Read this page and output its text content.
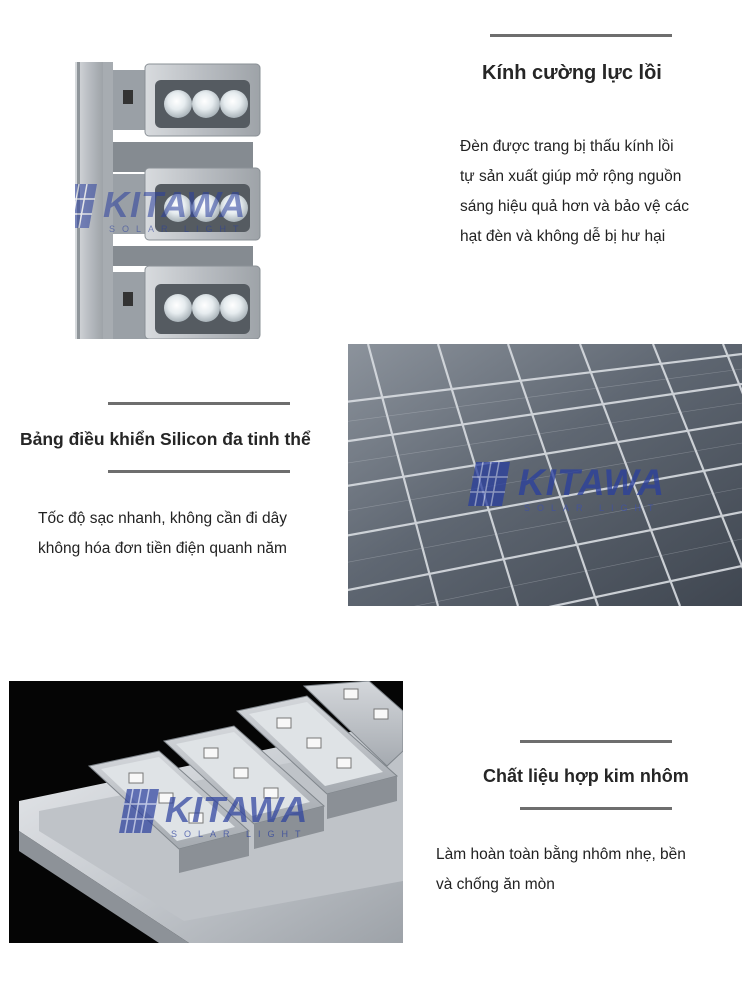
KITAWA
SOLAR LIGHT
Kính cường lực lồi
Đèn được trang bị thấu kính lồi
tự sản xuất giúp mở rộng nguồn
sáng hiệu quả hơn và bảo vệ các
hạt đèn và không dễ bị hư hại
Bảng điều khiển Silicon đa tinh thể
Tốc độ sạc nhanh, không cần đi dây
không hóa đơn tiền điện quanh năm
KITAWA
SOLAR LIGHT
KITAWA
SOLAR LIGHT
Chất liệu hợp kim nhôm
Làm hoàn toàn bằng nhôm nhẹ, bền
và chống ăn mòn
